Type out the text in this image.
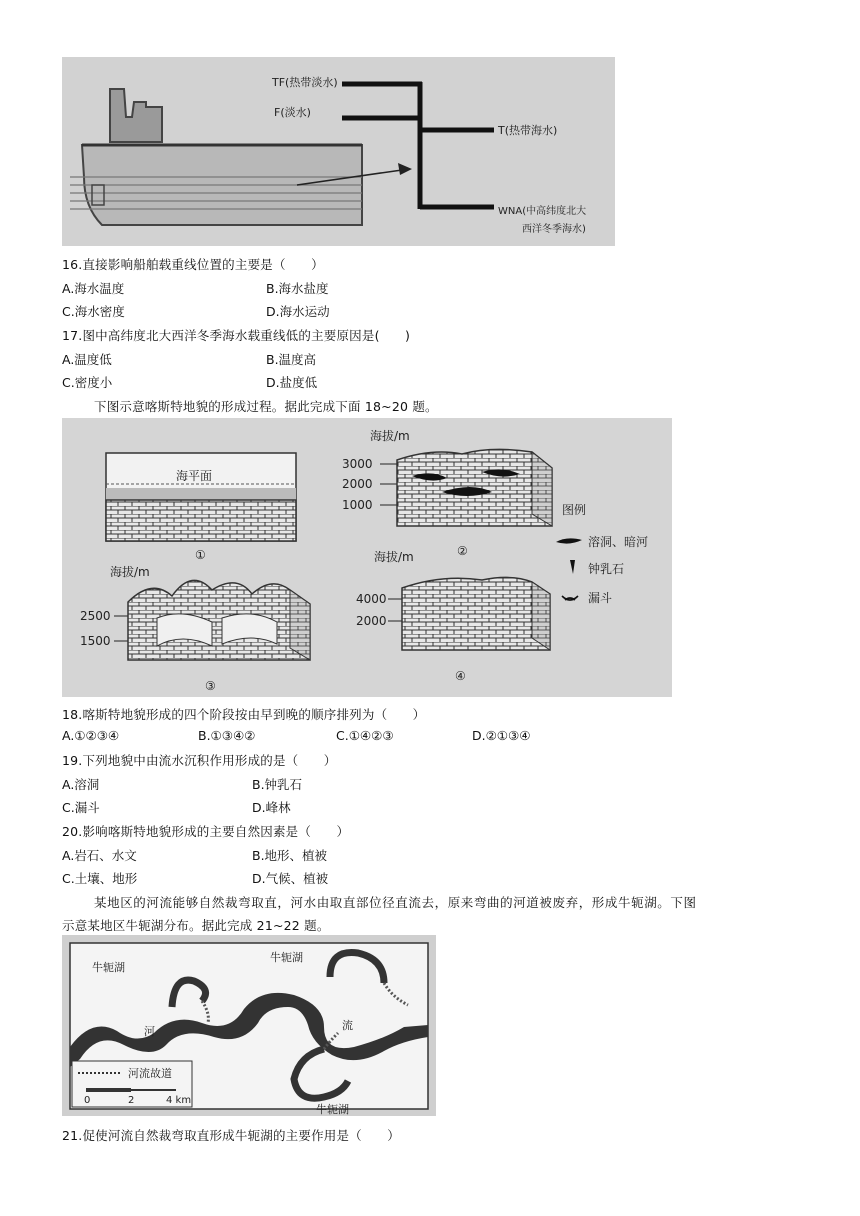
TF(热带淡水)
F(淡水)
T(热带海水)
WNA(中高纬度北大
西洋冬季海水)
16.直接影响船舶载重线位置的主要是（　　）
A.海水温度	B.海水盐度
C.海水密度	D.海水运动
17.图中高纬度北大西洋冬季海水载重线低的主要原因是(　　)
A.温度低	B.温度高
C.密度小	D.盐度低
下图示意喀斯特地貌的形成过程。据此完成下面 18~20 题。
海平面
①
海拔/m
3000
2000
1000
②
图例
溶洞、暗河
钟乳石
漏斗
海拔/m
2500
1500
③
海拔/m
4000
2000
④
18.喀斯特地貌形成的四个阶段按由早到晚的顺序排列为（　　）
A.①②③④	B.①③④②	C.①④②③	D.②①③④
19.下列地貌中由流水沉积作用形成的是（　　）
A.溶洞	B.钟乳石
C.漏斗	D.峰林
20.影响喀斯特地貌形成的主要自然因素是（　　）
A.岩石、水文	B.地形、植被
C.土壤、地形	D.气候、植被
某地区的河流能够自然裁弯取直，河水由取直部位径直流去，原来弯曲的河道被废弃，形成牛轭湖。下图
示意某地区牛轭湖分布。据此完成 21~22 题。
牛轭湖
牛轭湖
牛轭湖
河	流
河流故道
0	2	4 km
21.促使河流自然裁弯取直形成牛轭湖的主要作用是（　　）
